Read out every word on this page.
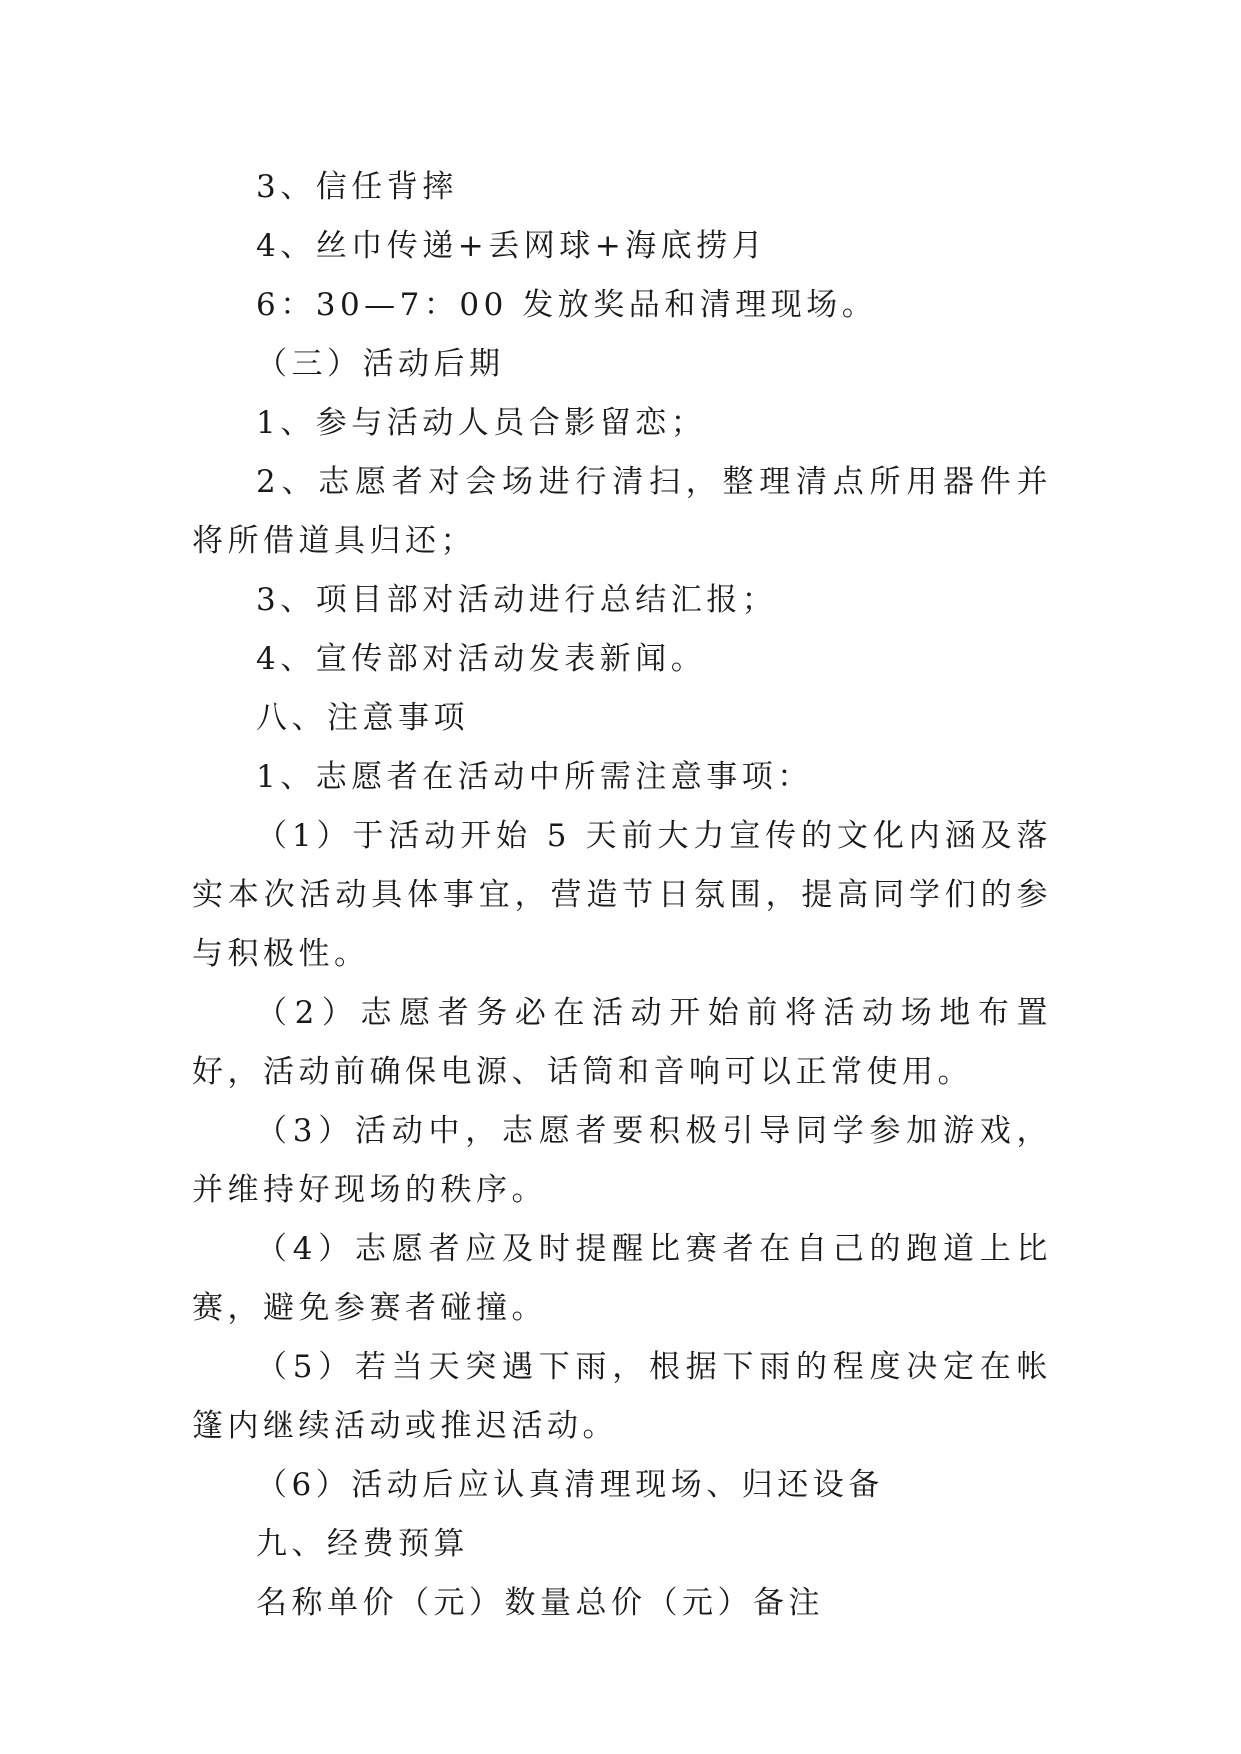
3、信任背摔

4、丝巾传递+丢网球+海底捞月

6：30—7：00 发放奖品和清理现场。

（三）活动后期

1、参与活动人员合影留恋；

2、志愿者对会场进行清扫，整理清点所用器件并将所借道具归还；

3、项目部对活动进行总结汇报；

4、宣传部对活动发表新闻。

八、注意事项

1、志愿者在活动中所需注意事项：

（1）于活动开始 5 天前大力宣传的文化内涵及落实本次活动具体事宜，营造节日氛围，提高同学们的参与积极性。

（2）志愿者务必在活动开始前将活动场地布置好，活动前确保电源、话筒和音响可以正常使用。

（3）活动中，志愿者要积极引导同学参加游戏，并维持好现场的秩序。

（4）志愿者应及时提醒比赛者在自己的跑道上比赛，避免参赛者碰撞。

（5）若当天突遇下雨，根据下雨的程度决定在帐篷内继续活动或推迟活动。

（6）活动后应认真清理现场、归还设备

九、经费预算

名称单价（元）数量总价（元）备注
